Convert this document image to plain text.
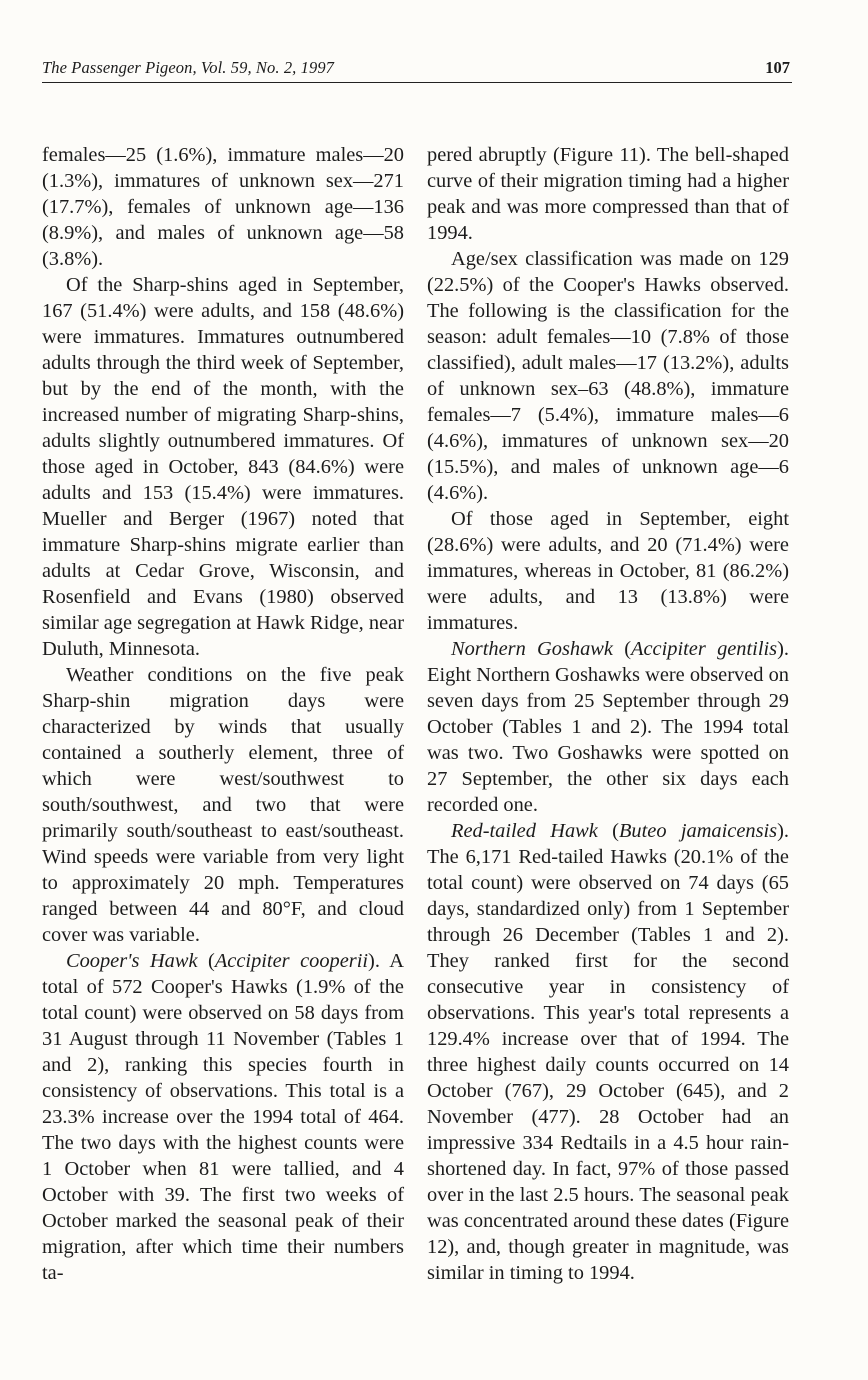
The Passenger Pigeon, Vol. 59, No. 2, 1997	107

females—25 (1.6%), immature males—20 (1.3%), immatures of unknown sex—271 (17.7%), females of unknown age—136 (8.9%), and males of unknown age—58 (3.8%).

Of the Sharp-shins aged in September, 167 (51.4%) were adults, and 158 (48.6%) were immatures. Immatures outnumbered adults through the third week of September, but by the end of the month, with the increased number of migrating Sharp-shins, adults slightly outnumbered immatures. Of those aged in October, 843 (84.6%) were adults and 153 (15.4%) were immatures. Mueller and Berger (1967) noted that immature Sharp-shins migrate earlier than adults at Cedar Grove, Wisconsin, and Rosenfield and Evans (1980) observed similar age segregation at Hawk Ridge, near Duluth, Minnesota.

Weather conditions on the five peak Sharp-shin migration days were characterized by winds that usually contained a southerly element, three of which were west/southwest to south/southwest, and two that were primarily south/southeast to east/southeast. Wind speeds were variable from very light to approximately 20 mph. Temperatures ranged between 44 and 80°F, and cloud cover was variable.

Cooper's Hawk (Accipiter cooperii). A total of 572 Cooper's Hawks (1.9% of the total count) were observed on 58 days from 31 August through 11 November (Tables 1 and 2), ranking this species fourth in consistency of observations. This total is a 23.3% increase over the 1994 total of 464. The two days with the highest counts were 1 October when 81 were tallied, and 4 October with 39. The first two weeks of October marked the seasonal peak of their migration, after which time their numbers ta-

pered abruptly (Figure 11). The bell-shaped curve of their migration timing had a higher peak and was more compressed than that of 1994.

Age/sex classification was made on 129 (22.5%) of the Cooper's Hawks observed. The following is the classification for the season: adult females—10 (7.8% of those classified), adult males—17 (13.2%), adults of unknown sex–63 (48.8%), immature females—7 (5.4%), immature males—6 (4.6%), immatures of unknown sex—20 (15.5%), and males of unknown age—6 (4.6%).

Of those aged in September, eight (28.6%) were adults, and 20 (71.4%) were immatures, whereas in October, 81 (86.2%) were adults, and 13 (13.8%) were immatures.

Northern Goshawk (Accipiter gentilis). Eight Northern Goshawks were observed on seven days from 25 September through 29 October (Tables 1 and 2). The 1994 total was two. Two Goshawks were spotted on 27 September, the other six days each recorded one.

Red-tailed Hawk (Buteo jamaicensis). The 6,171 Red-tailed Hawks (20.1% of the total count) were observed on 74 days (65 days, standardized only) from 1 September through 26 December (Tables 1 and 2). They ranked first for the second consecutive year in consistency of observations. This year's total represents a 129.4% increase over that of 1994. The three highest daily counts occurred on 14 October (767), 29 October (645), and 2 November (477). 28 October had an impressive 334 Redtails in a 4.5 hour rain-shortened day. In fact, 97% of those passed over in the last 2.5 hours. The seasonal peak was concentrated around these dates (Figure 12), and, though greater in magnitude, was similar in timing to 1994.
